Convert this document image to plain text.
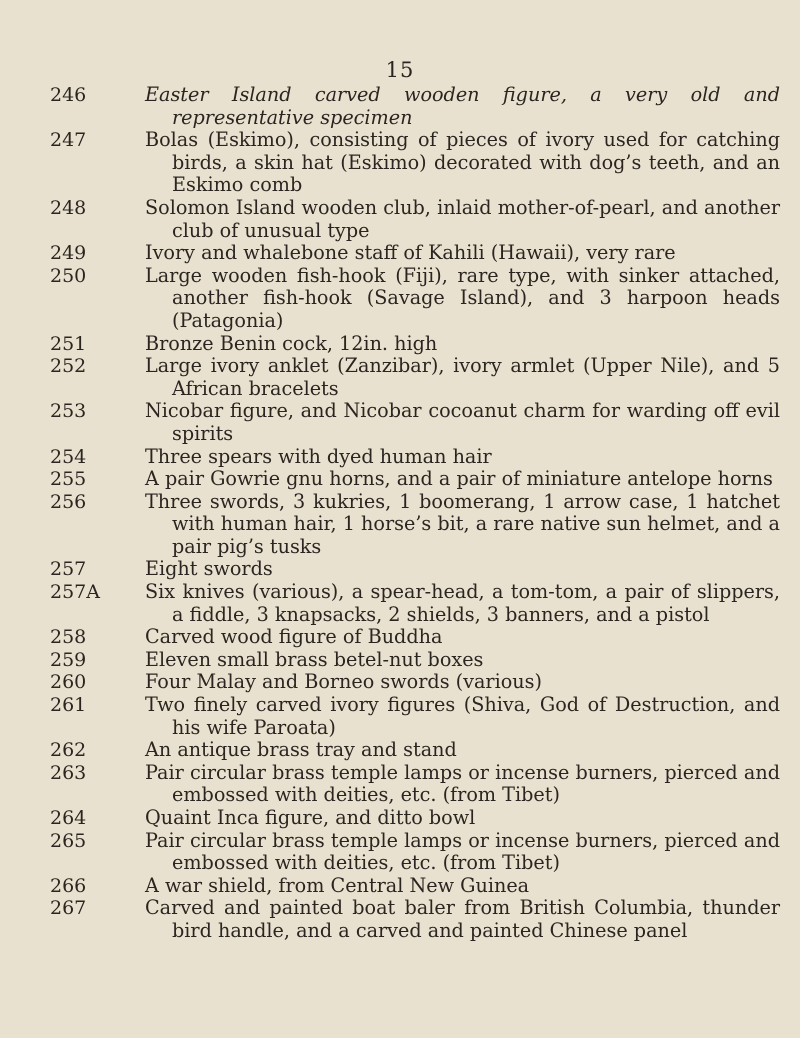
15
246	Easter Island carved wooden figure, a very old and representative specimen
247	Bolas (Eskimo), consisting of pieces of ivory used for catching birds, a skin hat (Eskimo) decorated with dog’s teeth, and an Eskimo comb
248	Solomon Island wooden club, inlaid mother-of-pearl, and another club of unusual type
249	Ivory and whalebone staff of Kahili (Hawaii), very rare
250	Large wooden fish-hook (Fiji), rare type, with sinker attached, another fish-hook (Savage Island), and 3 harpoon heads (Patagonia)
251	Bronze Benin cock, 12in. high
252	Large ivory anklet (Zanzibar), ivory armlet (Upper Nile), and 5 African bracelets
253	Nicobar figure, and Nicobar cocoanut charm for warding off evil spirits
254	Three spears with dyed human hair
255	A pair Gowrie gnu horns, and a pair of miniature antelope horns
256	Three swords, 3 kukries, 1 boomerang, 1 arrow case, 1 hatchet with human hair, 1 horse’s bit, a rare native sun helmet, and a pair pig’s tusks
257	Eight swords
257A	Six knives (various), a spear-head, a tom-tom, a pair of slippers, a fiddle, 3 knapsacks, 2 shields, 3 banners, and a pistol
258	Carved wood figure of Buddha
259	Eleven small brass betel-nut boxes
260	Four Malay and Borneo swords (various)
261	Two finely carved ivory figures (Shiva, God of Destruction, and his wife Paroata)
262	An antique brass tray and stand
263	Pair circular brass temple lamps or incense burners, pierced and embossed with deities, etc. (from Tibet)
264	Quaint Inca figure, and ditto bowl
265	Pair circular brass temple lamps or incense burners, pierced and embossed with deities, etc. (from Tibet)
266	A war shield, from Central New Guinea
267	Carved and painted boat baler from British Columbia, thunder bird handle, and a carved and painted Chinese panel
